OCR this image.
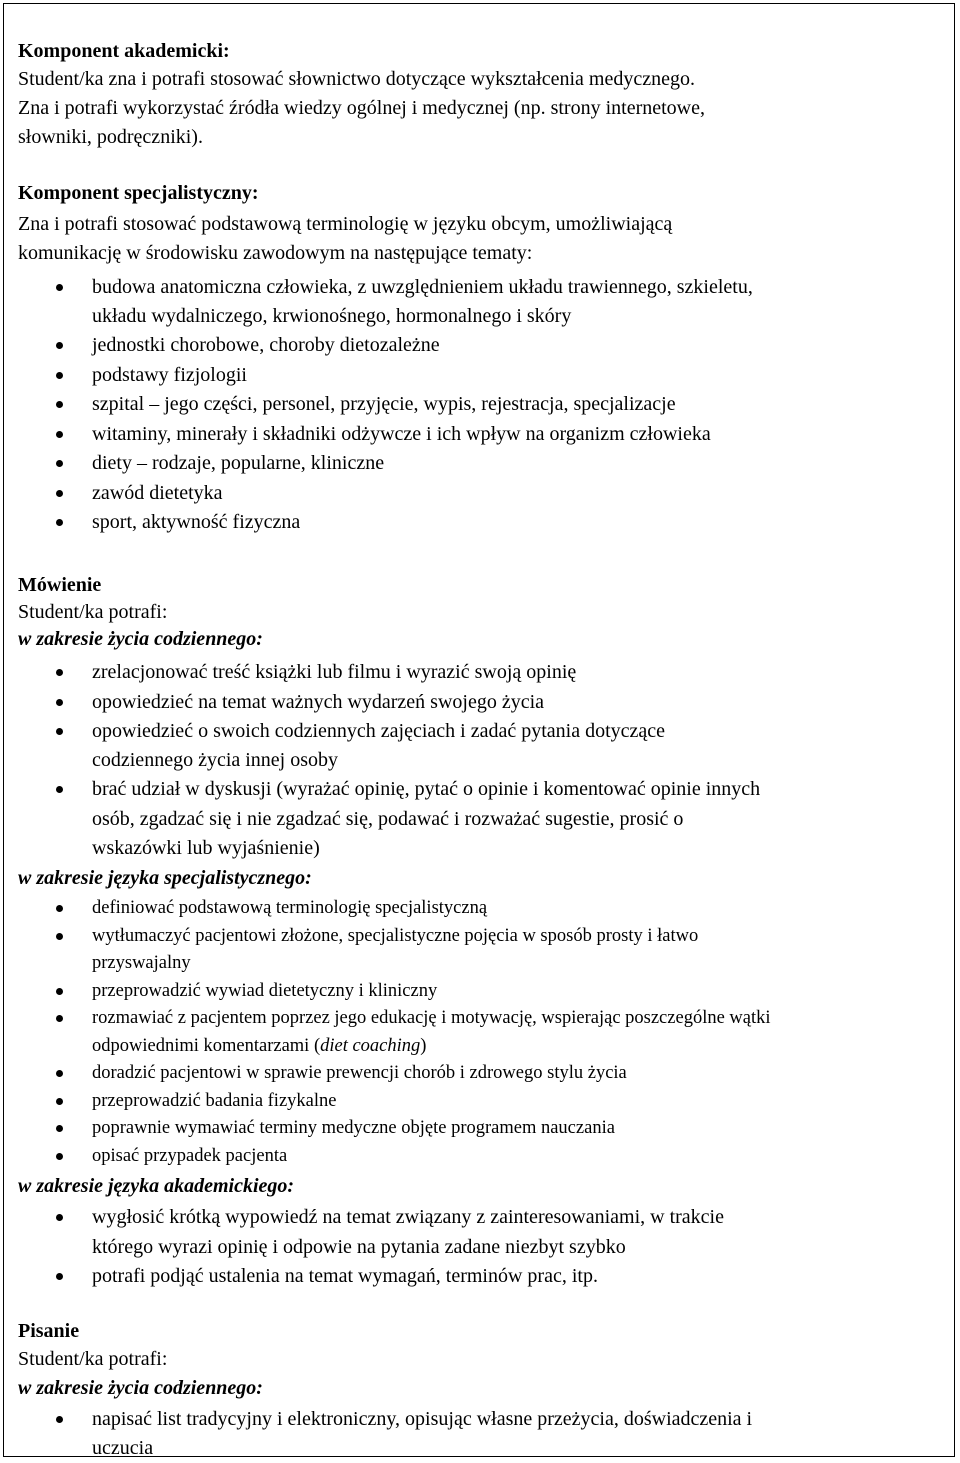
Komponent akademicki:
Student/ka zna i potrafi stosować słownictwo dotyczące wykształcenia medycznego.
Zna i potrafi wykorzystać źródła wiedzy ogólnej i medycznej (np. strony internetowe,
słowniki, podręczniki).
Komponent specjalistyczny:
Zna i potrafi stosować podstawową terminologię w języku obcym, umożliwiającą
komunikację w środowisku zawodowym na następujące tematy:
budowa anatomiczna człowieka, z uwzględnieniem układu trawiennego, szkieletu,
układu wydalniczego, krwionośnego, hormonalnego i skóry
jednostki chorobowe, choroby dietozależne
podstawy fizjologii
szpital – jego części, personel, przyjęcie, wypis, rejestracja, specjalizacje
witaminy, minerały i składniki odżywcze i ich wpływ na organizm człowieka
diety – rodzaje, popularne, kliniczne
zawód dietetyka
sport, aktywność fizyczna
Mówienie
Student/ka potrafi:
w zakresie życia codziennego:
zrelacjonować treść książki lub filmu i wyrazić swoją opinię
opowiedzieć na temat ważnych wydarzeń swojego życia
opowiedzieć o swoich codziennych zajęciach i zadać pytania dotyczące
codziennego życia innej osoby
brać udział w dyskusji (wyrażać opinię, pytać o opinie i komentować opinie innych
osób, zgadzać się i nie zgadzać się, podawać i rozważać sugestie, prosić o
wskazówki lub wyjaśnienie)
w zakresie języka specjalistycznego:
definiować podstawową terminologię specjalistyczną
wytłumaczyć pacjentowi złożone, specjalistyczne pojęcia w sposób prosty i łatwo
przyswajalny
przeprowadzić wywiad dietetyczny i kliniczny
rozmawiać z pacjentem poprzez jego edukację i motywację, wspierając poszczególne wątki
odpowiednimi komentarzami (diet coaching)
doradzić pacjentowi w sprawie prewencji chorób i zdrowego stylu życia
przeprowadzić badania fizykalne
poprawnie wymawiać terminy medyczne objęte programem nauczania
opisać przypadek pacjenta
w zakresie języka akademickiego:
wygłosić krótką wypowiedź na temat związany z zainteresowaniami, w trakcie
którego wyrazi opinię i odpowie na pytania zadane niezbyt szybko
potrafi podjąć ustalenia na temat wymagań, terminów prac, itp.
Pisanie
Student/ka potrafi:
w zakresie życia codziennego:
napisać list tradycyjny i elektroniczny, opisując własne przeżycia, doświadczenia i
uczucia
